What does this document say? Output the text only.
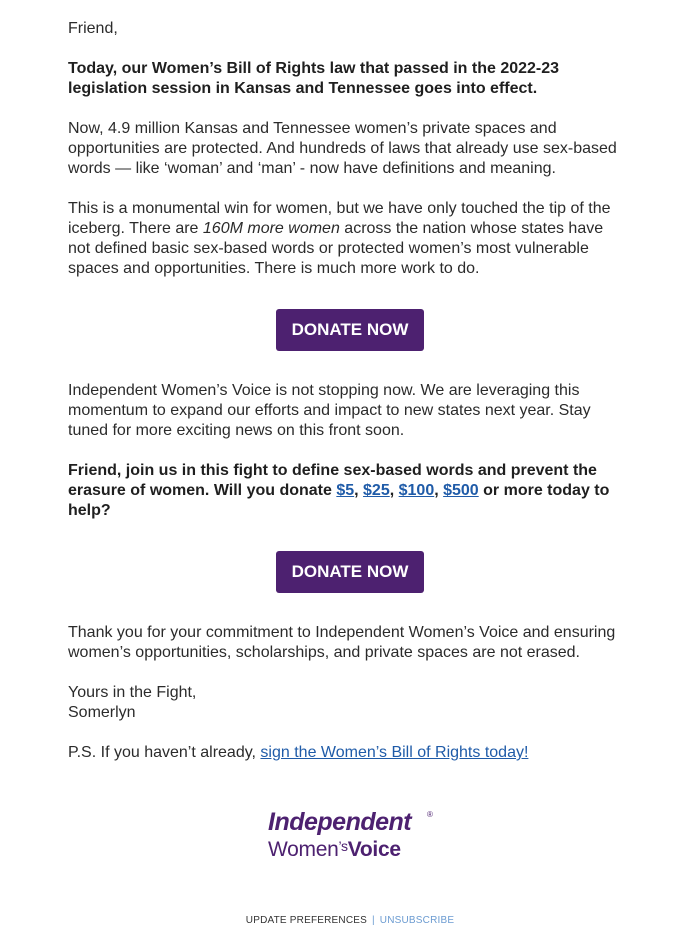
Friend,

Today, our Women’s Bill of Rights law that passed in the 2022-23 legislation session in Kansas and Tennessee goes into effect.

Now, 4.9 million Kansas and Tennessee women’s private spaces and opportunities are protected. And hundreds of laws that already use sex-based words — like ‘woman’ and ‘man’ - now have definitions and meaning.

This is a monumental win for women, but we have only touched the tip of the iceberg. There are 160M more women across the nation whose states have not defined basic sex-based words or protected women’s most vulnerable spaces and opportunities. There is much more work to do.

DONATE NOW

Independent Women’s Voice is not stopping now. We are leveraging this momentum to expand our efforts and impact to new states next year. Stay tuned for more exciting news on this front soon.

Friend, join us in this fight to define sex-based words and prevent the erasure of women. Will you donate $5, $25, $100, $500 or more today to help?

DONATE NOW

Thank you for your commitment to Independent Women’s Voice and ensuring women’s opportunities, scholarships, and private spaces are not erased.

Yours in the Fight,

Somerlyn

P.S. If you haven’t already, sign the Women’s Bill of Rights today!

Independent ®
Women$^{’s}$Voice
UPDATE PREFERENCES | UNSUBSCRIBE
